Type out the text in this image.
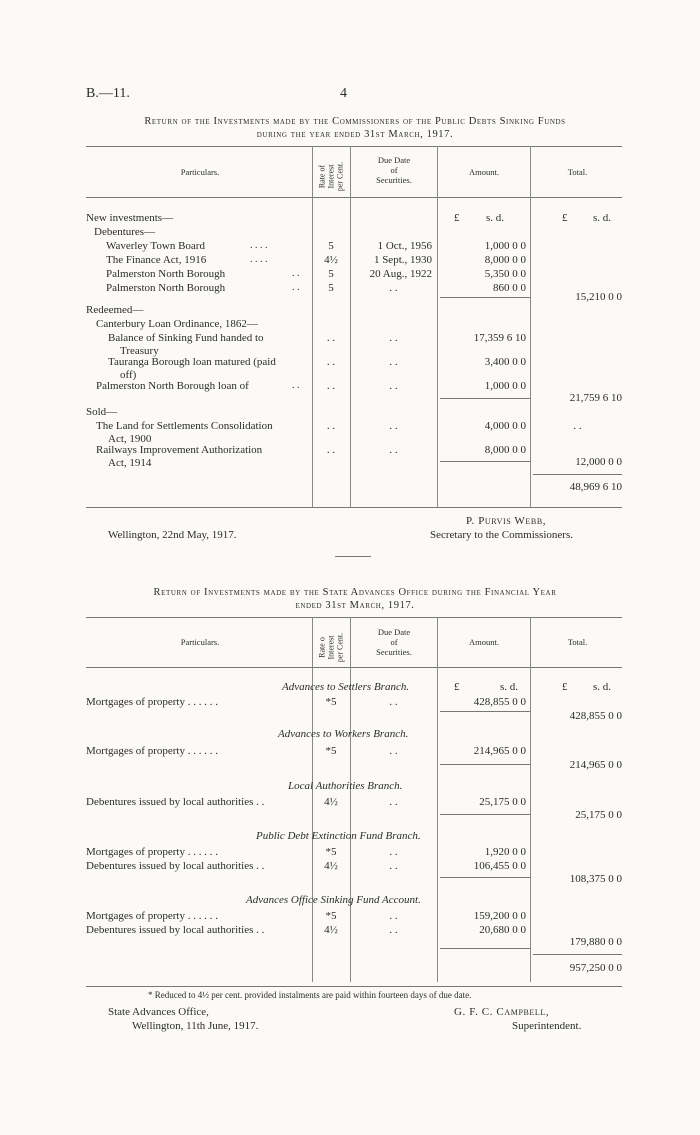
B.—11.	4
Return of the Investments made by the Commissioners of the Public Debts Sinking Funds
during the year ended 31st March, 1917.
Particulars.	Rate of Interest per Cent.
Due Date
of
Securities.
Amount.	Total.
£ s. d.	£ s. d.
New investments—
Debentures—
Waverley Town Board	. . . .	5	1 Oct., 1956	1,000 0 0
The Finance Act, 1916	. . . .	4½	1 Sept., 1930	8,000 0 0
Palmerston North Borough	. .	5	20 Aug., 1922	5,350 0 0
Palmerston North Borough	. .	5	. .	860 0 0
15,210 0 0
Redeemed—
Canterbury Loan Ordinance, 1862—
Balance of Sinking Fund handed to
Treasury
. .	. .	17,359 6 10
Tauranga Borough loan matured (paid
off)
. .	. .	3,400 0 0
Palmerston North Borough loan of	. .	. .	. .	1,000 0 0
21,759 6 10
Sold—
The Land for Settlements Consolidation
Act, 1900
. .	. .	4,000 0 0	. .
Railways Improvement Authorization
Act, 1914
. .	. .	8,000 0 0
12,000 0 0
48,969 6 10
P. Purvis Webb,
Wellington, 22nd May, 1917.	Secretary to the Commissioners.
Return of Investments made by the State Advances Office during the Financial Year
ended 31st March, 1917.
Particulars.	Rate o Interest per Cent.
Due Date
of
Securities.
Amount.	Total.
Advances to Settlers Branch.	£	s. d.	£ s. d.
Mortgages of property . . . . . .	*5	. .	428,855 0 0
428,855 0 0
Advances to Workers Branch.
Mortgages of property . . . . . .	*5	. .	214,965 0 0
214,965 0 0
Local Authorities Branch.
Debentures issued by local authorities . .	4½	. .	25,175 0 0
25,175 0 0
Public Debt Extinction Fund Branch.
Mortgages of property . . . . . .	*5	. .	1,920 0 0
Debentures issued by local authorities . .	4½	. .	106,455 0 0
108,375 0 0
Advances Office Sinking Fund Account.
Mortgages of property . . . . . .	*5	. .	159,200 0 0
Debentures issued by local authorities . .	4½	. .	20,680 0 0
179,880 0 0
957,250 0 0
* Reduced to 4½ per cent. provided instalments are paid within fourteen days of due date.
State Advances Office,	G. F. C. Campbell,
Wellington, 11th June, 1917.	Superintendent.
